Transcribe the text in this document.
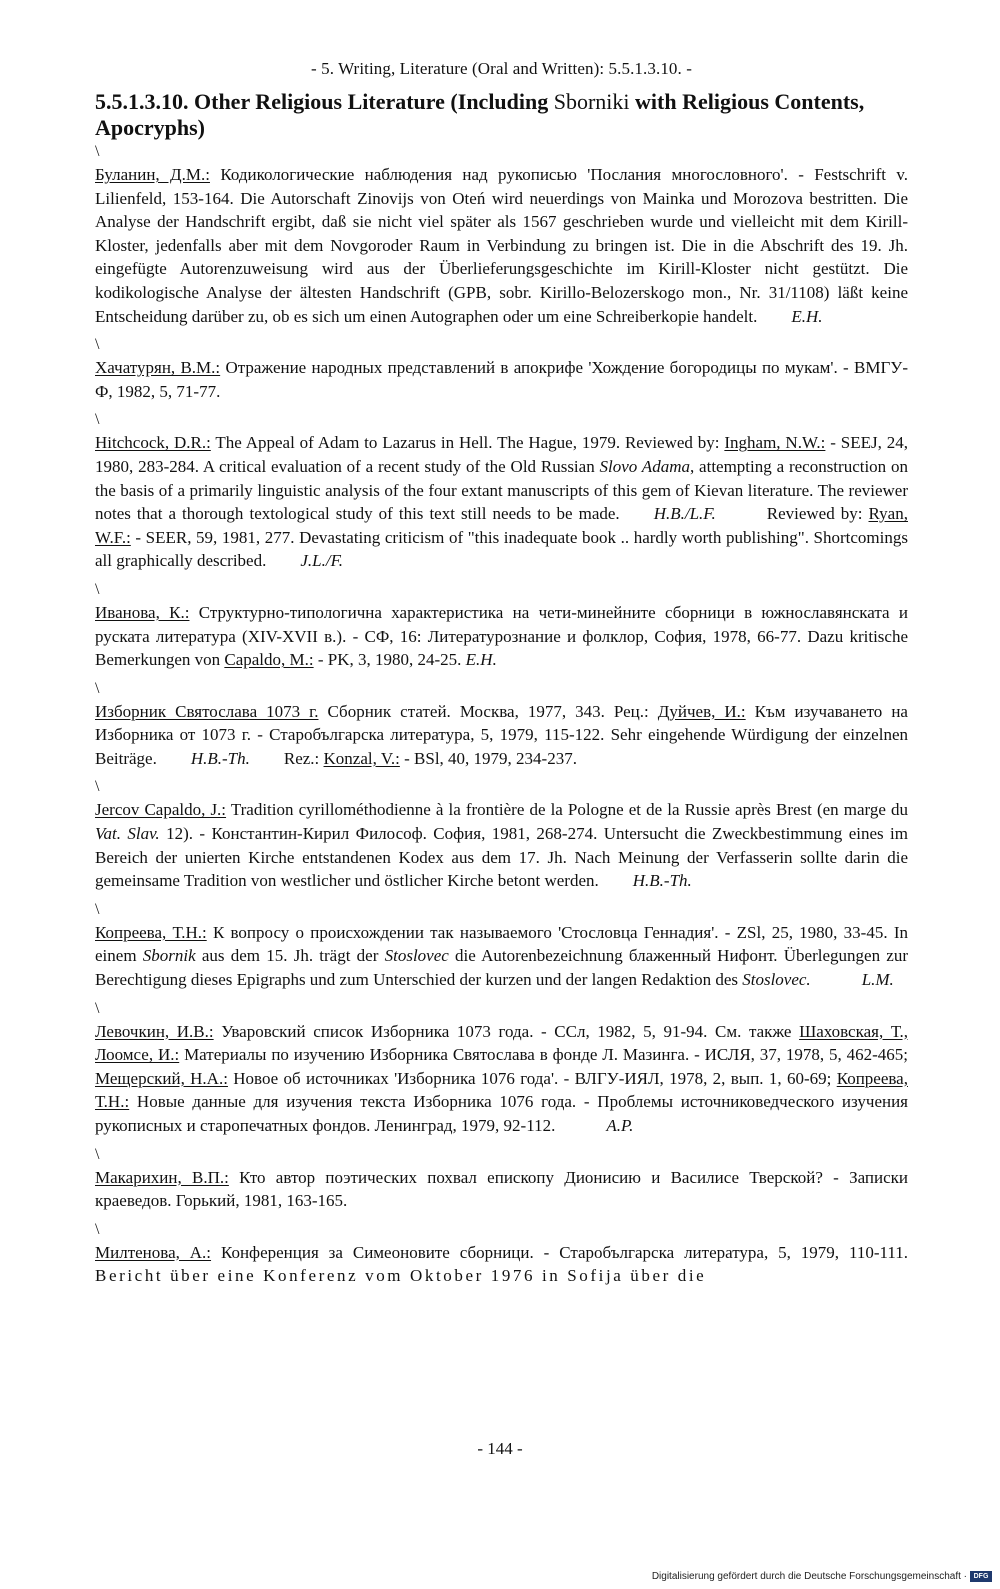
- 5. Writing, Literature (Oral and Written): 5.5.1.3.10. -
5.5.1.3.10. Other Religious Literature (Including Sborniki with Religious Contents, Apocryphs)
\

Буланин, Д.М.: Кодикологические наблюдения над рукописью 'Послания многословного'. - Festschrift v. Lilienfeld, 153-164. Die Autorschaft Zinovijs von Otеń wird neuerdings von Mainka und Morozova bestritten. Die Analyse der Handschrift ergibt, daß sie nicht viel später als 1567 geschrieben wurde und vielleicht mit dem Kirill-Kloster, jedenfalls aber mit dem Novgoroder Raum in Verbindung zu bringen ist. Die in die Abschrift des 19. Jh. eingefügte Autorenzuweisung wird aus der Überlieferungsgeschichte im Kirill-Kloster nicht gestützt. Die kodikologische Analyse der ältesten Handschrift (GPB, sobr. Kirillo-Belozerskogo mon., Nr. 31/1108) läßt keine Entscheidung darüber zu, ob es sich um einen Autographen oder um eine Schreiberkopie handelt.   E.H.

\

Хачатурян, В.М.: Отражение народных представлений в апокрифе 'Хождение богородицы по мукам'. - ВМГУ-Ф, 1982, 5, 71-77.

\

Hitchcock, D.R.: The Appeal of Adam to Lazarus in Hell. The Hague, 1979. Reviewed by: Ingham, N.W.: - SEEJ, 24, 1980, 283-284. A critical evaluation of a recent study of the Old Russian Slovo Adama, attempting a reconstruction on the basis of a primarily linguistic analysis of the four extant manuscripts of this gem of Kievan literature. The reviewer notes that a thorough textological study of this text still needs to be made.   H.B./L.F.   	Reviewed by: Ryan, W.F.: - SEER, 59, 1981, 277. Devastating criticism of "this inadequate book .. hardly worth publishing". Shortcomings all graphically described.   J.L./F.

\

Иванова, К.: Структурно-типологична характеристика на чети-минейните сборници в южнославянската и руската литература (XIV-XVII в.). - СФ, 16: Литературознание и фолклор, София, 1978, 66-77. Dazu kritische Bemerkungen von Capaldo, M.: - PK, 3, 1980, 24-25. E.H.

\

Изборник Святослава 1073 г. Сборник статей. Москва, 1977, 343. Рец.: Дуйчев, И.: Към изучаването на Изборника от 1073 г. - Старобългарска литература, 5, 1979, 115-122. Sehr eingehende Würdigung der einzelnen Beiträge.   H.B.-Th.   Rez.: Konzal, V.: - BSl, 40, 1979, 234-237.

\

Jercov Capaldo, J.: Tradition cyrillométhodienne à la frontière de la Pologne et de la Russie après Brest (en marge du Vat. Slav. 12). - Константин-Кирил Философ. София, 1981, 268-274. Untersucht die Zweckbestimmung eines im Bereich der unierten Kirche entstandenen Kodex aus dem 17. Jh. Nach Meinung der Verfasserin sollte darin die gemeinsame Tradition von westlicher und östlicher Kirche betont werden.   H.B.-Th.

\

Копреева, Т.Н.: К вопросу о происхождении так называемого 'Стословца Геннадия'. - ZSl, 25, 1980, 33-45. In einem Sbornik aus dem 15. Jh. trägt der Stoslovec die Autorenbezeichnung блаженный Нифонт. Überlegungen zur Berechtigung dieses Epigraphs und zum Unterschied der kurzen und der langen Redaktion des Stoslovec.   	L.M.

\

Левочкин, И.В.: Уваровский список Изборника 1073 года. - ССл, 1982, 5, 91-94. См. также Шаховская, Т., Лоомсе, И.: Материалы по изучению Изборника Святослава в фонде Л. Мазинга. - ИСЛЯ, 37, 1978, 5, 462-465; Мещерский, Н.А.: Новое об источниках 'Изборника 1076 года'. - ВЛГУ-ИЯЛ, 1978, 2, вып. 1, 60-69; Копреева, Т.Н.: Новые данные для изучения текста Изборника 1076 года. - Проблемы источниковедческого изучения рукописных и старопечатных фондов. Ленинград, 1979, 92-112.   	A.P.

\

Макарихин, В.П.: Кто автор поэтических похвал епископу Дионисию и Василисе Тверской? - Записки краеведов. Горький, 1981, 163-165.

\

Милтенова, А.: Конференция за Симеоновите сборници. - Старобългарска литература, 5, 1979, 110-111. Bericht über eine Konferenz vom Oktober 1976 in Sofija über die

- 144 -
Digitalisierung gefördert durch die Deutsche Forschungsgemeinschaft · DFG
